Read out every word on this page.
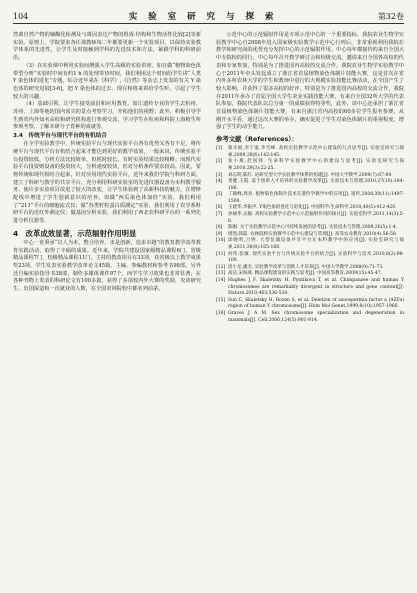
104	实 验 室 研 究 与 探 索	第32卷

然离自然产物的辅酶化检测及与离因表达产物的组成·结构和生物活性比较[2]等新实验。原则上，学院要求各任课教师每二年都要更新一个实验项目，以保持实验教学体系的先进性，让学生及时接触到学科的先进技术和方法，紧跟学科的科研前沿。

（3）在实验课中利用实验间增强入学生高级的实验讲座，如在做“植物染色体带型分析”实验时中间有约1 h 的处理等待时间，我们利用这个时间给学生讲“人类 Y 染色体的进化”专题，综合近年来在《科学》,《自然》等杂志上发表的有关 Y 染色体的研究进展[3-6]，把 Y 染色体的过去、现在和将来讲给学生听，引起了学生较大的兴趣。

（4）基础引领，让学生接受前沿和应用教育。如让遗传专业的学生去杭州、苏州、上海等地的国内顶尖的景点考察学习，开拓他们的视野；此外，积极引导学生到省内外知名高校和研究机构进行参观交流，学习学生在杭州和科院上海植生所参观考察，了解本研分子育种的成就等。

3.4　传统平台与现代平台的有机结合

在全学实验教学中，传统实验平台与现代实验平台各有优势又各有不足，将传统平台与现代平台有机结合起来才能达到更好的教学效果。一般来说，传统实验平台投资较低，分析方法比较简单，但耗时较长，有时实验结果比较粗略；而现代实验平台投资则设备的投资较大，分析速度较快，但对分析条件要求较高。因此，要将传统和现代相结合起来，针对应用现代实验平台，近年来我们学院与科研方面，建立了科研与教学的共享平台，充分利用科研实验室的先进仪器设备为本科教学服务，使许多实验项目改进了较大的改变，让学生体验到了高新科技的魅力，在增修配线中增进了学生创新意识的培养。如做“西瓜染色体加倍”实验，我们利用了“211”平台的细胞流式仪；做“谷类籽粒蛋白质测定”实验，我们利用了农学系科研平台的近红外测定仪；做基因分析实验，我们利用了西北农科研平台的一系列先进分析仪器等。

4　改革成效显著，示范辐射作用明显

中心一直秉承“以人为本，整合培养，求是创新，追求卓越”的教育教学改革教育实践活动，取得了丰硕的成果。近年来，学院共建设国家级精品课程6门，省级精品课程7门，校级精品课程11门，主持的教改项目有33项，获省级以上教学成果奖23项，学生发表实验教学改革论文45篇，主编、参编教材和参考书98部。另外还自编实验指导书38部，制作多媒体课件97个，而学生学习效果也非常显著，在各种刊物上发表的科研论文有100多篇，获得了多项校内外大赛的奖励，攻读研究生、出国深造和一次就业的人数，在全国农林院校中都名列前茅。

示范中心的示范辐射作用是专项示范中心的一个重要指标。我院农业生物学实验教学中心自2008年进入国家级实验教学示范中心行列后，非常重视利用我院在教学和研究面的优势充分发挥中心的示范辐射作用。中心每年都接待的来自全国大中专院校的同行。中心每年召开教学研讨会和校级交流，邀请来自全国各高校的代表和专家参加，特别是为了推进国内高校的交流合作。我院农业生物学实验教学中心于2011年牵头发起成立了浙江省首届植物染色体制片技能大赛，这是首次在省内外多所农林大学的学生和教师中进行的大规模实验技能比赛活动，在全国产生了较大影响，并获得了很多高校的好评。特别是为了推进国内高校的交流合作，我院在2011年承办了首届全国大学生农业实践技能大赛，有来自全国32所大学的代表队参加，我院代表队以总分第一的成绩获得特等奖，此外，该中心还承担了浙江省首届植物染色体制片技能大赛，有来自浙江省内高校的60多位学生报名参赛。从刚开水平看，通过这次大赛的举办，确实促进了学生对染色体制片的重视程度，增强了学生的动手能力。

参考文献（References）：
[1]	蔡幸福,李宁道,李雪峰. 高校实验教学示范中心建设的几点思考[J]. 实验室研究与探索,2009,28(6):142-145.
[2]	张小燕,赵国锋. 生命科学实验教学中心的建设与思考[J]. 实验室研究与探索,2010,29(3):22-25.
[3]	刘志明,陈红. 论研究型大学实验教学体系的构建[J]. 中国大学教学,2009(7):67-69.
[4]	黄健,王霞. 基于创新人才培养的实验教学改革[J]. 实验技术与管理,2010,27(10):184-186.
[5]	丁晓峰,周亮. 植物染色体制片技术在遗传学教学中的应用[J]. 遗传,2008,30(11):1497-1500.
[6]	王建华,李振声. Y染色体的进化与退化[J]. 中国科学:生命科学,2010,40(5):412-420.
[7]	孙丽华,吴敏. 高校实验教学示范中心示范辐射作用的探讨[J]. 实验室科学,2011,14(3):5-8.
[8]	陈刚. 关于实验教学示范中心可持续发展的思考[J]. 实验技术与管理,2009,26(5):1-4.
[9]	周凯,韩磊. 农林院校实验教学示范中心建设与管理[J]. 高等农业教育,2010(4):56-58.
[10] 徐晓明,吕婷. 大型仪器设备共享平台在本科教学中的应用[J]. 实验室研究与探索,2011,30(8):165-168.
[11] 何伟,张敏. 现代实验平台与传统实验平台的结合[J]. 实验科学与技术,2010,8(2):98-100.
[12] 唐小龙,潘杰. 实验教学改革与创新人才培养[J]. 中国大学教学,2008(9):71-73.
[13] 高洁,宋海燕. 精品课程建设的实践与思考[J]. 中国高等教育,2009(15):45-47.
[14] Hughes J F, Skaletsky H, Pyntikova T, et al. Chimpanzee and human Y chromosomes are remarkably divergent in structure and gene content[J]. Nature,2010,463:536-539.
[15] Sun C, Skaletsky H, Rozen S, et al. Deletion of azoospermia factor a (AZFa) region of human Y chromosome[J]. Hum Mol Genet,1999,8(10):1957-1966.
[16] Graves J A M. Sex chromosome specialization and degeneration in mammals[J]. Cell,2006,124(5):901-914.
